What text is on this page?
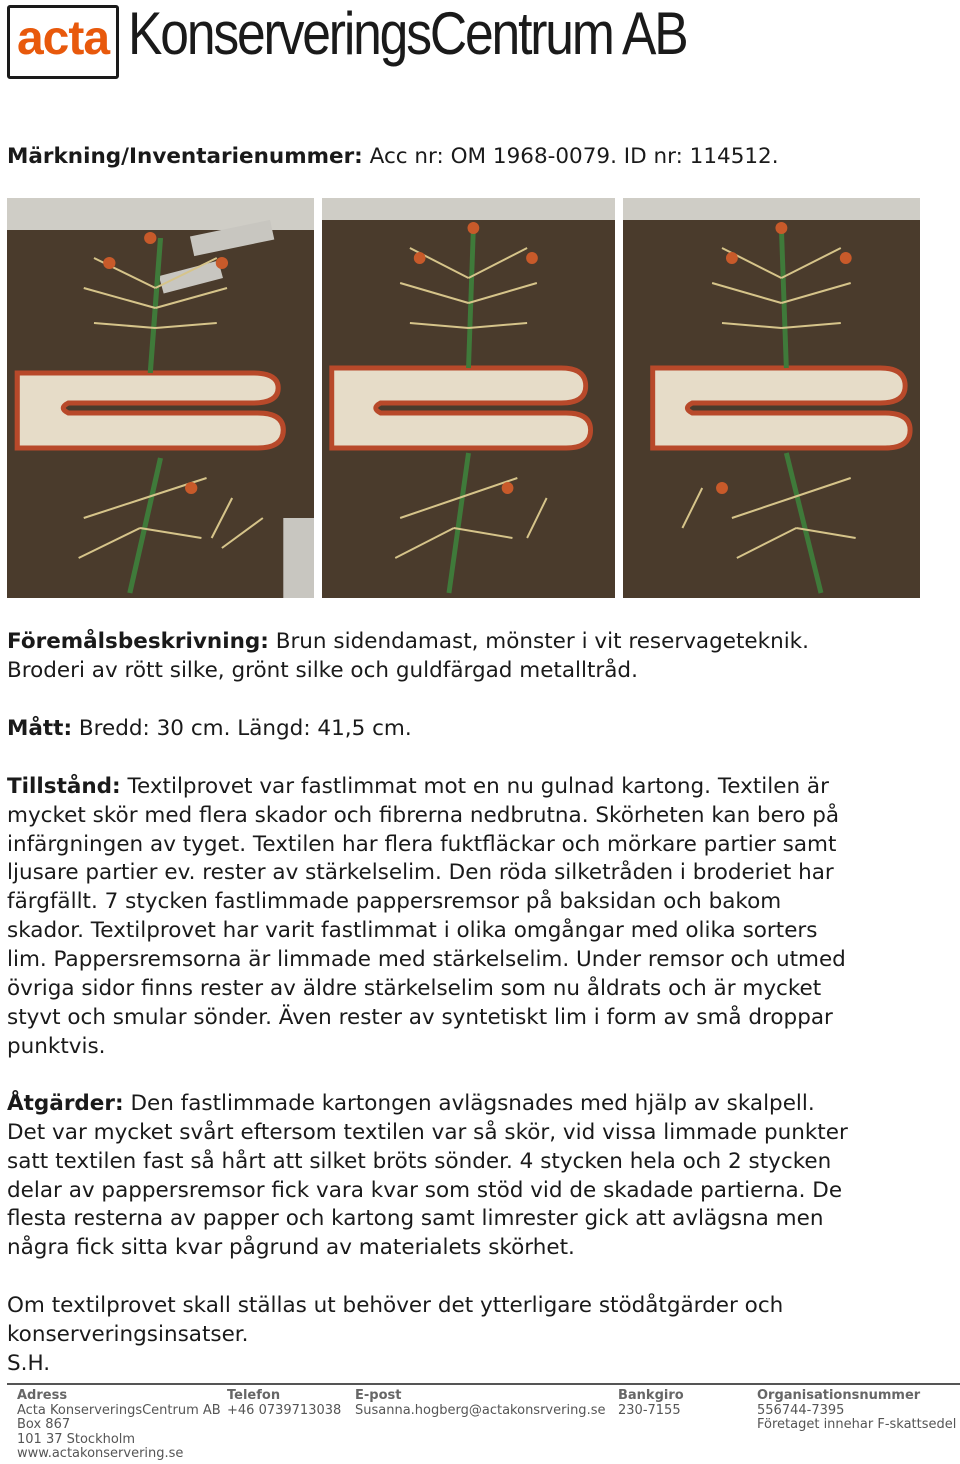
acta KonserveringsCentrum AB
Märkning/Inventarienummer: Acc nr: OM 1968-0079. ID nr: 114512.
Föremålsbeskrivning: Brun sidendamast, mönster i vit reservageteknik.
Broderi av rött silke, grönt silke och guldfärgad metalltråd.
Mått: Bredd: 30 cm. Längd: 41,5 cm.
Tillstånd: Textilprovet var fastlimmat mot en nu gulnad kartong. Textilen är
mycket skör med flera skador och fibrerna nedbrutna. Skörheten kan bero på
infärgningen av tyget. Textilen har flera fuktfläckar och mörkare partier samt
ljusare partier ev. rester av stärkelselim. Den röda silketråden i broderiet har
färgfällt. 7 stycken fastlimmade pappersremsor på baksidan och bakom
skador. Textilprovet har varit fastlimmat i olika omgångar med olika sorters
lim. Pappersremsorna är limmade med stärkelselim. Under remsor och utmed
övriga sidor finns rester av äldre stärkelselim som nu åldrats och är mycket
styvt och smular sönder. Även rester av syntetiskt lim i form av små droppar
punktvis.
Åtgärder: Den fastlimmade kartongen avlägsnades med hjälp av skalpell.
Det var mycket svårt eftersom textilen var så skör, vid vissa limmade punkter
satt textilen fast så hårt att silket bröts sönder. 4 stycken hela och 2 stycken
delar av pappersremsor fick vara kvar som stöd vid de skadade partierna. De
flesta resterna av papper och kartong samt limrester gick att avlägsna men
några fick sitta kvar pågrund av materialets skörhet.
Om textilprovet skall ställas ut behöver det ytterligare stödåtgärder och
konserveringsinsatser.
S.H.
Adress
Acta KonserveringsCentrum AB
Box 867
101 37 Stockholm
www.actakonservering.se
Telefon
+46 0739713038
E-post
Susanna.hogberg@actakonsrvering.se
Bankgiro
230-7155
Organisationsnummer
556744-7395
Företaget innehar F-skattsedel
